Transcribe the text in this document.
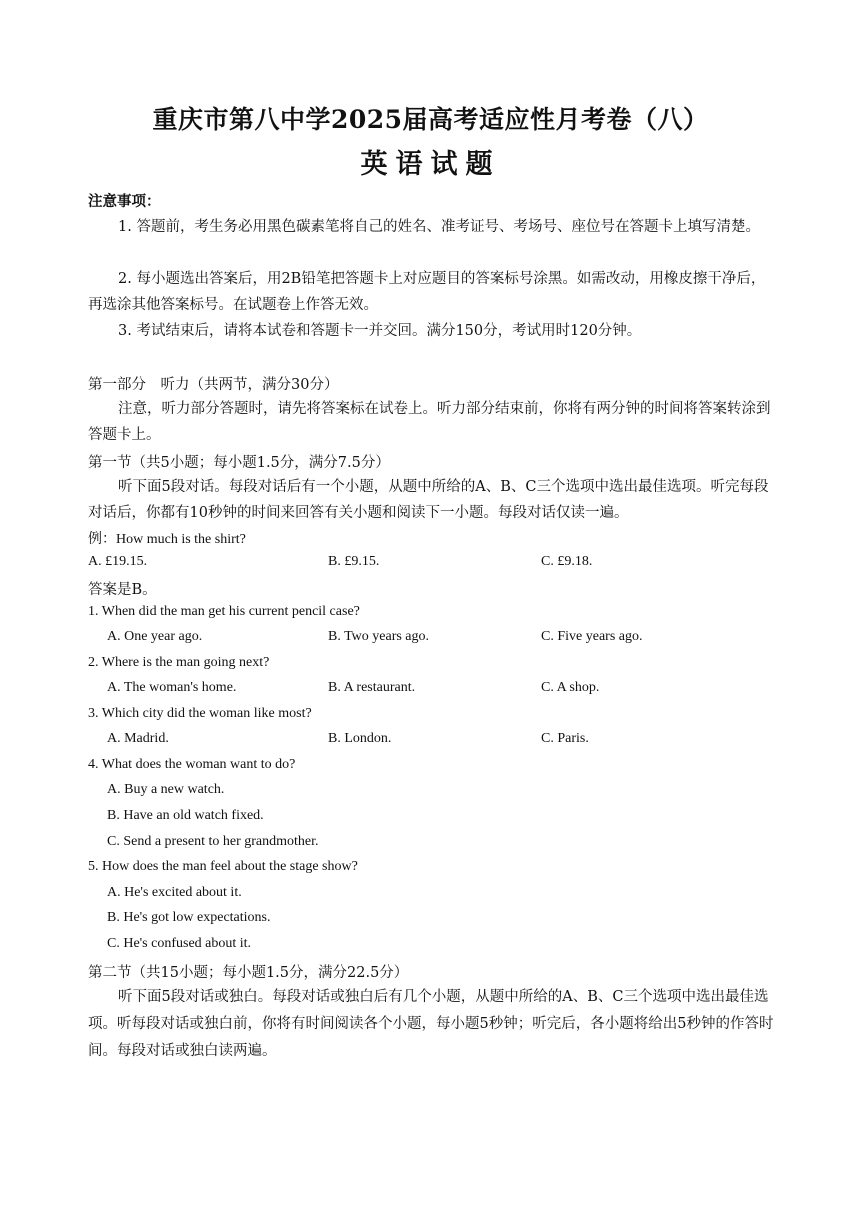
重庆市第八中学2025届高考适应性月考卷（八）
英语试题
注意事项：
1. 答题前，考生务必用黑色碳素笔将自己的姓名、准考证号、考场号、座位号在答题卡上填写清楚。
2. 每小题选出答案后，用2B铅笔把答题卡上对应题目的答案标号涂黑。如需改动，用橡皮擦干净后，再选涂其他答案标号。在试题卷上作答无效。
3. 考试结束后，请将本试卷和答题卡一并交回。满分150分，考试用时120分钟。
第一部分　听力（共两节，满分30分）
注意，听力部分答题时，请先将答案标在试卷上。听力部分结束前，你将有两分钟的时间将答案转涂到答题卡上。
第一节（共5小题；每小题1.5分，满分7.5分）
听下面5段对话。每段对话后有一个小题，从题中所给的A、B、C三个选项中选出最佳选项。听完每段对话后，你都有10秒钟的时间来回答有关小题和阅读下一小题。每段对话仅读一遍。
例：How much is the shirt?
A. £19.15.	B. £9.15.	C. £9.18.
答案是B。
1. When did the man get his current pencil case?
A. One year ago.	B. Two years ago.	C. Five years ago.
2. Where is the man going next?
A. The woman's home.	B. A restaurant.	C. A shop.
3. Which city did the woman like most?
A. Madrid.	B. London.	C. Paris.
4. What does the woman want to do?
A. Buy a new watch.
B. Have an old watch fixed.
C. Send a present to her grandmother.
5. How does the man feel about the stage show?
A. He's excited about it.
B. He's got low expectations.
C. He's confused about it.
第二节（共15小题；每小题1.5分，满分22.5分）
听下面5段对话或独白。每段对话或独白后有几个小题，从题中所给的A、B、C三个选项中选出最佳选项。听每段对话或独白前，你将有时间阅读各个小题，每小题5秒钟；听完后，各小题将给出5秒钟的作答时间。每段对话或独白读两遍。
